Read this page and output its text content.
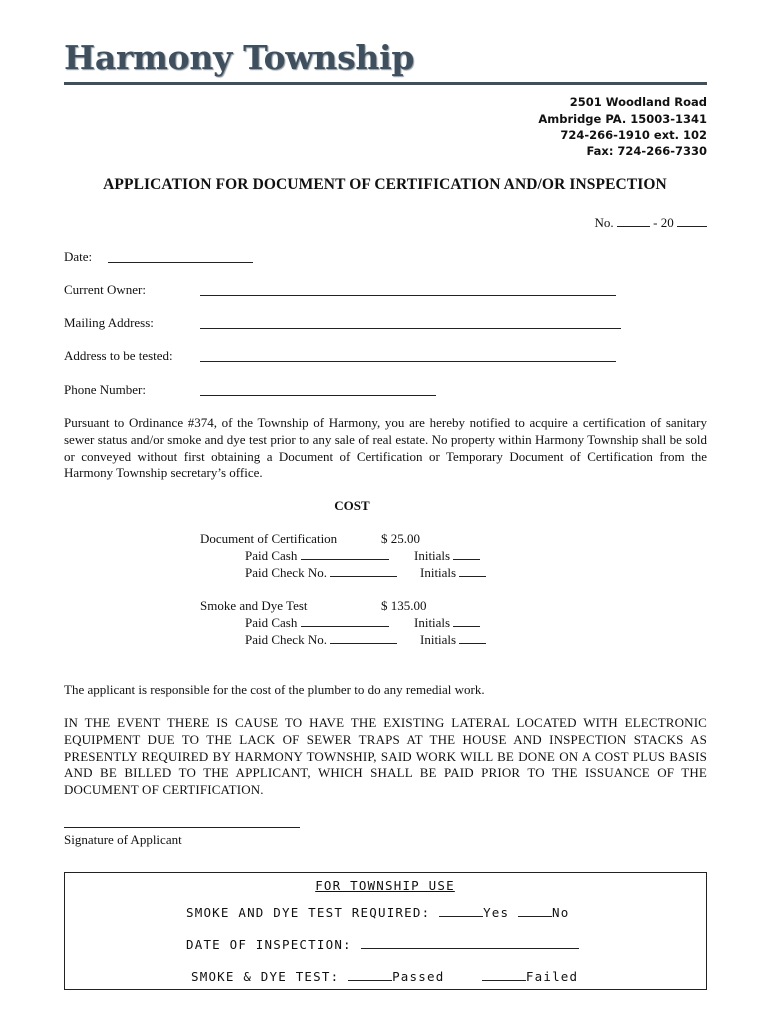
Harmony Township
2501 Woodland Road
Ambridge PA. 15003-1341
724-266-1910 ext. 102
Fax: 724-266-7330
APPLICATION FOR DOCUMENT OF CERTIFICATION AND/OR INSPECTION
No.	- 20
Date:
Current Owner:
Mailing Address:
Address to be tested:
Phone Number:
Pursuant to Ordinance #374, of the Township of Harmony, you are hereby notified to acquire a certification of sanitary sewer status and/or smoke and dye test prior to any sale of real estate. No property within Harmony Township shall be sold or conveyed without first obtaining a Document of Certification or Temporary Document of Certification from the Harmony Township secretary’s office.
COST
Document of Certification	$ 25.00
Paid Cash	Initials
Paid Check No.	Initials
Smoke and Dye Test	$ 135.00
Paid Cash	Initials
Paid Check No.	Initials
The applicant is responsible for the cost of the plumber to do any remedial work.
IN THE EVENT THERE IS CAUSE TO HAVE THE EXISTING LATERAL LOCATED WITH ELECTRONIC EQUIPMENT DUE TO THE LACK OF SEWER TRAPS AT THE HOUSE AND INSPECTION STACKS AS PRESENTLY REQUIRED BY HARMONY TOWNSHIP, SAID WORK WILL BE DONE ON A COST PLUS BASIS AND BE BILLED TO THE APPLICANT, WHICH SHALL BE PAID PRIOR TO THE ISSUANCE OF THE DOCUMENT OF CERTIFICATION.
Signature of Applicant
FOR TOWNSHIP USE
SMOKE AND DYE TEST REQUIRED:	Yes	No
DATE OF INSPECTION:
SMOKE & DYE TEST:	Passed	Failed
